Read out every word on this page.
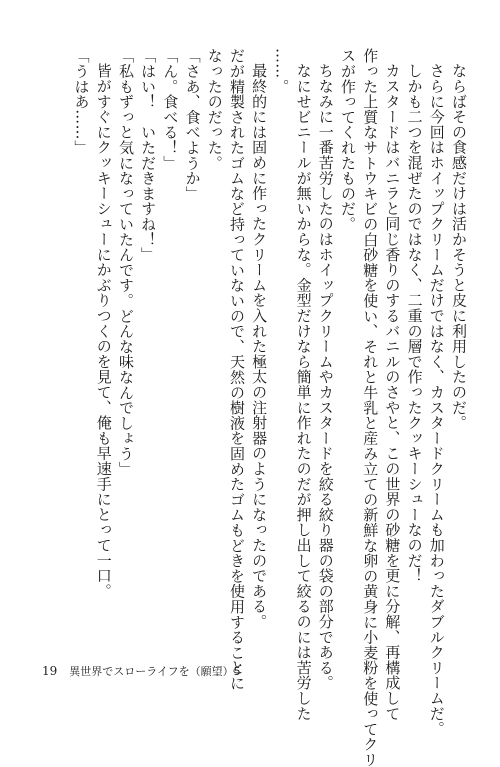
ならばその食感だけは活かそうと皮に利用したのだ。
さらに今回はホイップクリームだけではなく、カスタードクリームも加わったダブルクリームだ。
しかも二つを混ぜたのではなく、二重の層で作ったクッキーシューなのだ！
カスタードはバニラと同じ香りのするバニルのさやと、この世界の砂糖を更に分解、再構成して
作った上質なサトウキビの白砂糖を使い、それと牛乳と産み立ての新鮮な卵の黄身に小麦粉を使ってクリ
スが作ってくれたものだ。
ちなみに一番苦労したのはホイップクリームやカスタードを絞る絞り器の袋の部分である。
なにせビニールが無いからな。金型だけなら簡単に作れたのだが押し出して絞るのには苦労した
……。
最終的には固めに作ったクリームを入れた極太の注射器のようになったのである。
だが精製されたゴムなど持っていないので、天然の樹液を固めたゴムもどきを使用することに
なったのだった。
「さあ、食べようか」
「ん。食べる！」
「はい！　いただきますね！」
「私もずっと気になっていたんです。どんな味なんでしょう」
皆がすぐにクッキーシューにかぶりつくのを見て、俺も早速手にとって一口。
「うはあ……」
19 異世界でスローライフを（願望）5
